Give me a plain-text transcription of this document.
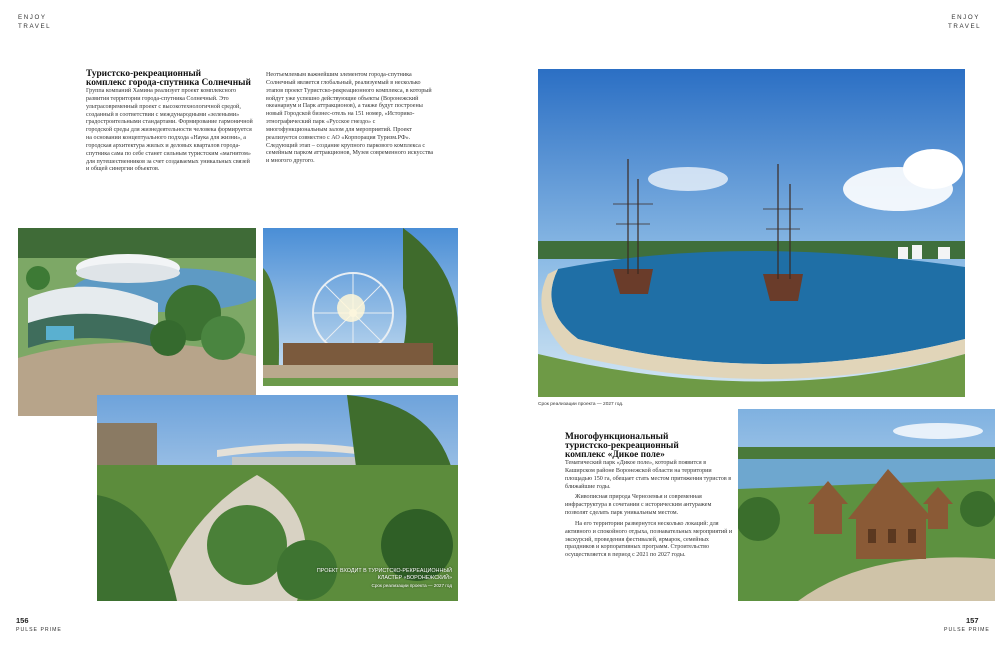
ENJOY
TRAVEL
Туристско-рекреационный
комплекс города-спутника Солнечный
Группа компаний Хамина реализует проект комплексного развития территории города-спутника Солнечный. Это ультрасовременный проект с высокотехнологичной средой, созданный в соответствии с международными «зелеными» градостроительными стандартами. Формирование гармоничной городской среды для жизнедеятельности человека формируется на основании концептуального подхода «Наука для жизни», а городская архитектура жилых и деловых кварталов города-спутника сама по себе станет сильным туристским «магнитом» для путешественников за счет создаваемых уникальных связей и общей синергии объектов.
Неотъемлемым важнейшим элементом города-спутника Солнечный является глобальный, реализуемый в несколько этапов проект Туристско-рекреационного комплекса, в который войдут уже успешно действующие объекты (Воронежский океанариум и Парк аттракционов), а также будут построены новый Городской бизнес-отель на 151 номер, «Историко-этнографический парк «Русское гнездо» с многофункциональным залом для мероприятий. Проект реализуется совместно с АО «Корпорация Туризм.РФ». Следующий этап – создание крупного паркового комплекса с семейным парком аттракционов, Музея современного искусства и многого другого.
ПРОЕКТ ВХОДИТ В ТУРИСТСКО-РЕКРЕАЦИОННЫЙ
КЛАСТЕР «ВОРОНЕЖСКИЙ»
Срок реализации проекта — 2027 год
156
PULSE PRIME
ENJOY
TRAVEL
Срок реализации проекта — 2027 год.
Многофункциональный
туристско-рекреационный
комплекс «Дикое поле»

Тематический парк «Дикое поле», который появится в Каширском районе Воронежской области на территории площадью 150 га, обещает стать местом притяжения туристов в ближайшие годы.

Живописная природа Черноземья и современная инфраструктура в сочетании с историческим антуражем позволят сделать парк уникальным местом.

На его территории развернутся несколько локаций: для активного и спокойного отдыха, познавательных мероприятий и экскурсий, проведения фестивалей, ярмарок, семейных праздников и корпоративных программ. Строительство осуществляется в период с 2021 по 2027 годы.

157
PULSE PRIME
